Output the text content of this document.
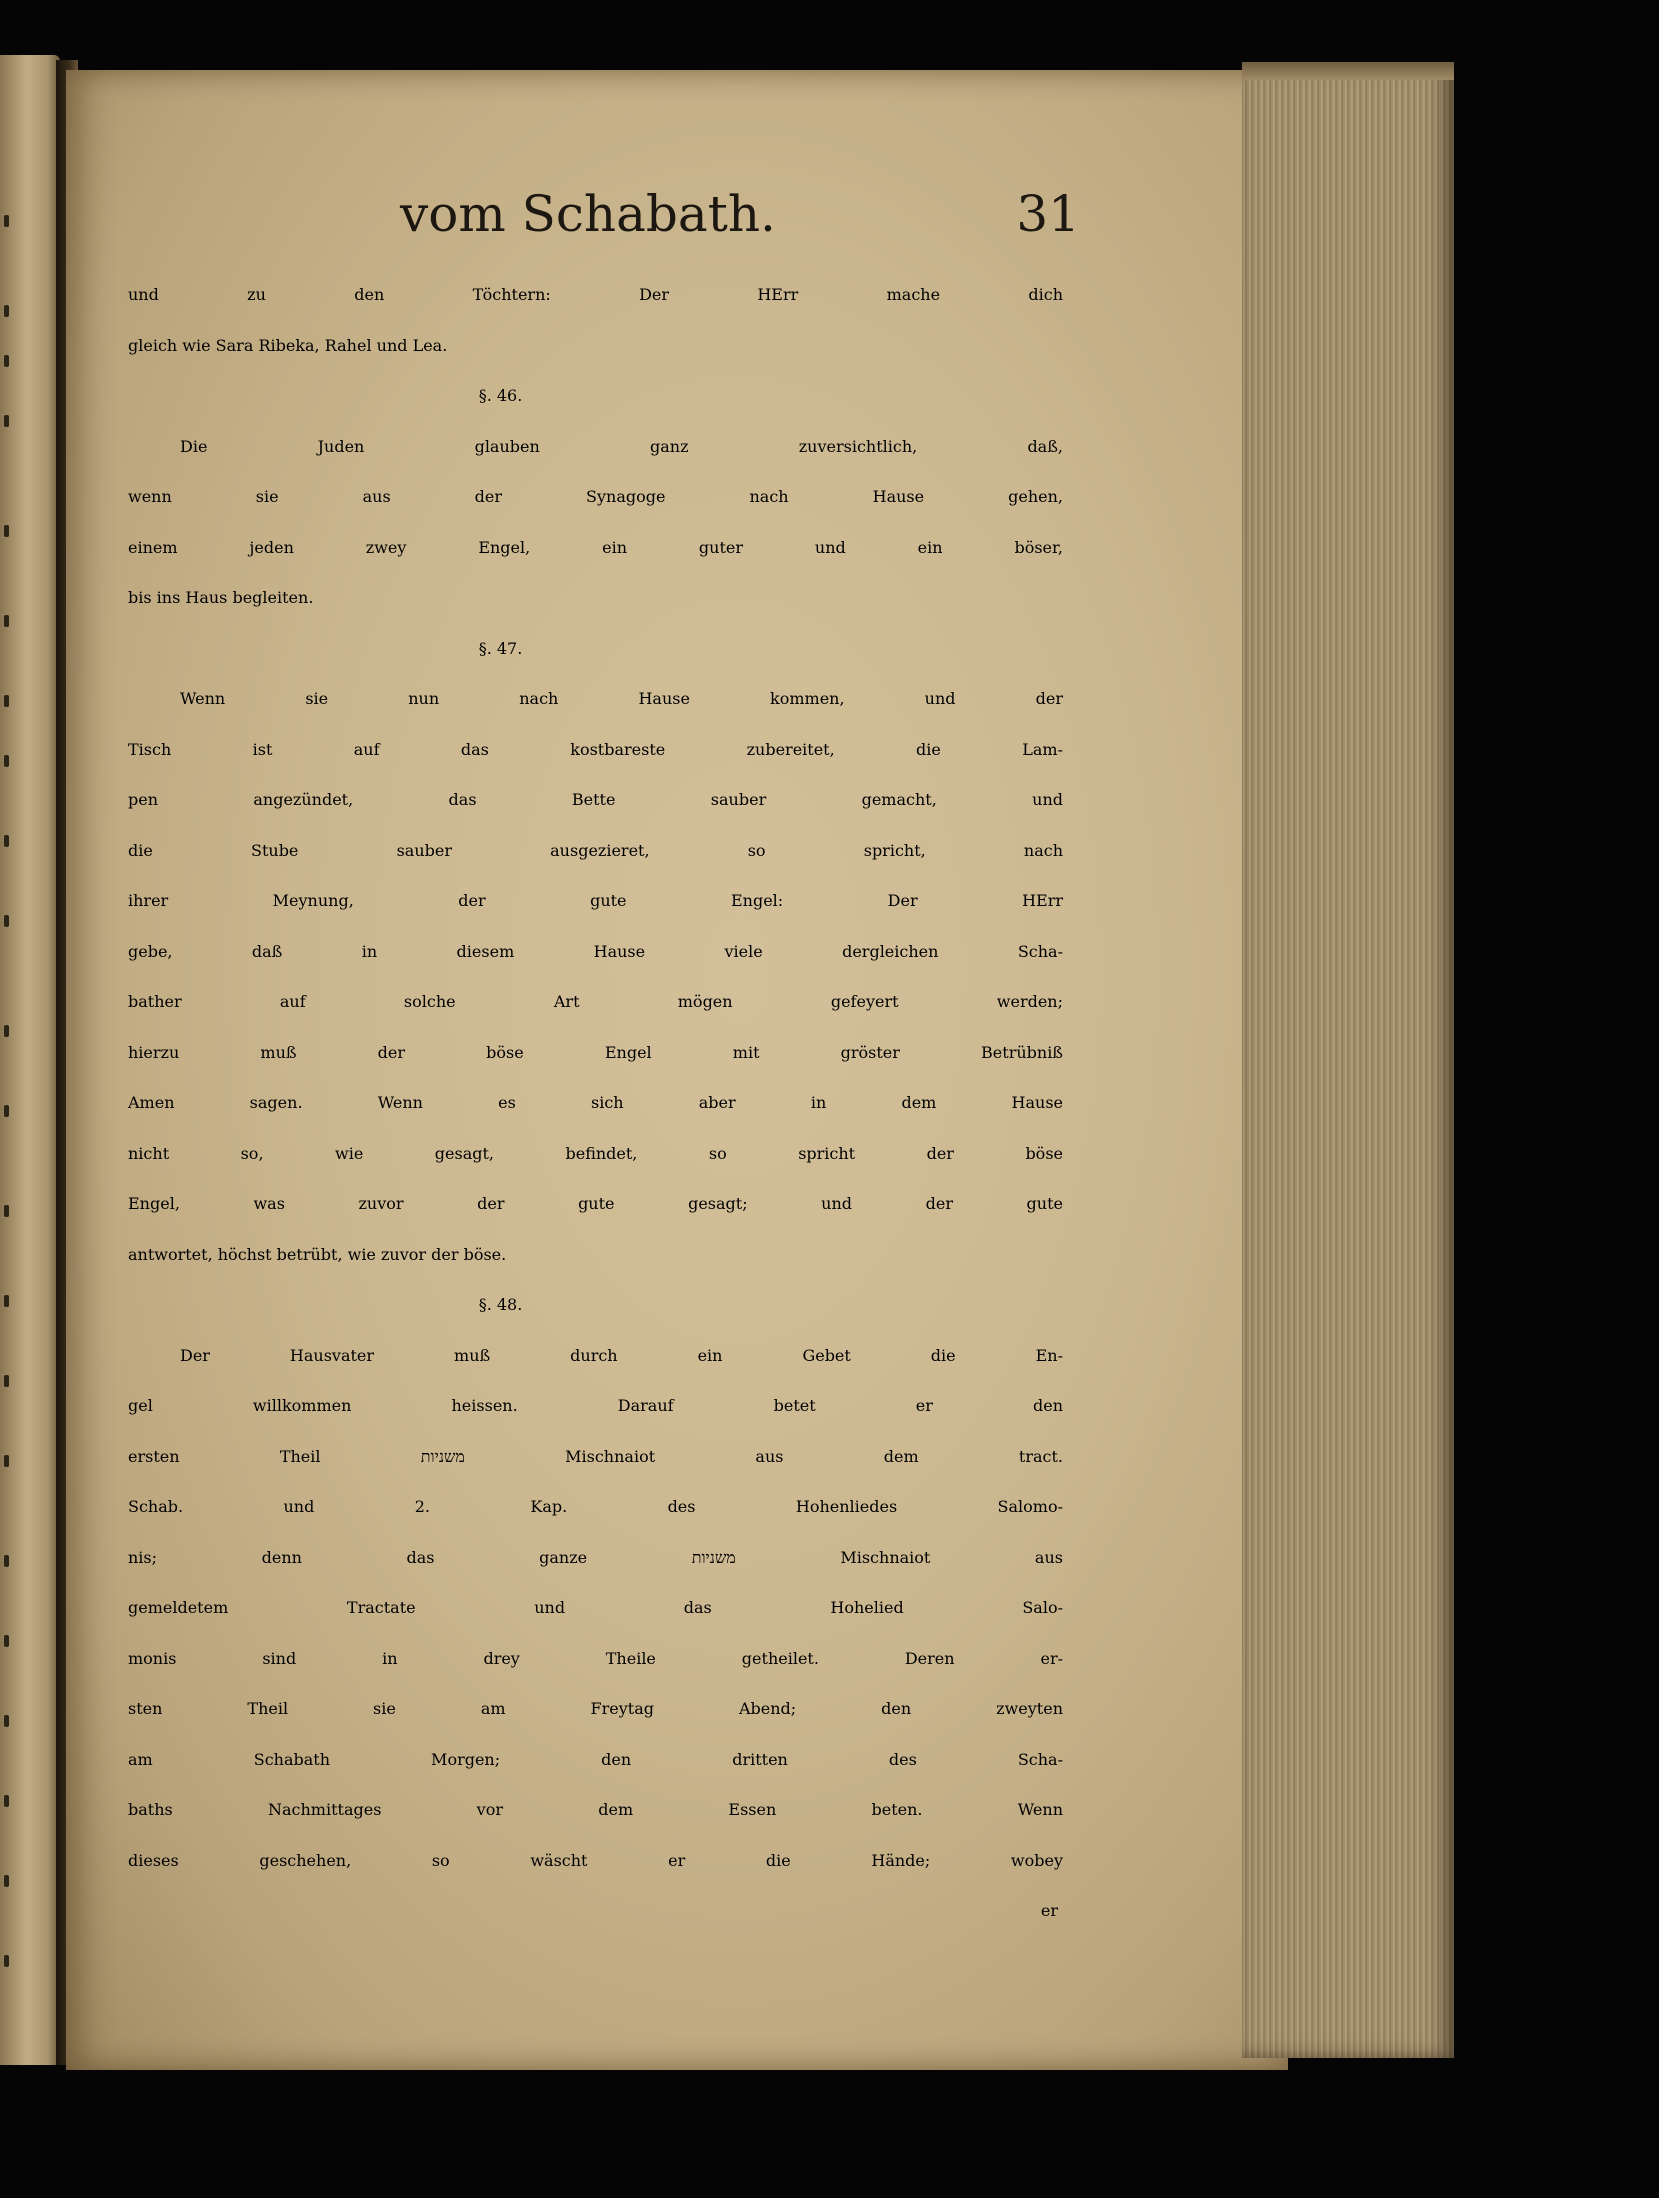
vom Schabath.	31
und zu den Töchtern: Der HErr mache dich
gleich wie Sara Ribeka, Rahel und Lea.
§. 46.
Die Juden glauben ganz zuversichtlich, daß,
wenn sie aus der Synagoge nach Hause gehen,
einem jeden zwey Engel, ein guter und ein böser,
bis ins Haus begleiten.
§. 47.
Wenn sie nun nach Hause kommen, und der
Tisch ist auf das kostbareste zubereitet, die Lam-
pen angezündet, das Bette sauber gemacht, und
die Stube sauber ausgezieret, so spricht, nach
ihrer Meynung, der gute Engel: Der HErr
gebe, daß in diesem Hause viele dergleichen Scha-
bather auf solche Art mögen gefeyert werden;
hierzu muß der böse Engel mit gröster Betrübniß
Amen sagen. Wenn es sich aber in dem Hause
nicht so, wie gesagt, befindet, so spricht der böse
Engel, was zuvor der gute gesagt; und der gute
antwortet, höchst betrübt, wie zuvor der böse.
§. 48.
Der Hausvater muß durch ein Gebet die En-
gel willkommen heissen. Darauf betet er den
ersten Theil משניות Mischnaiot aus dem tract.
Schab. und 2. Kap. des Hohenliedes Salomo-
nis; denn das ganze משניות Mischnaiot aus
gemeldetem Tractate und das Hohelied Salo-
monis sind in drey Theile getheilet. Deren er-
sten Theil sie am Freytag Abend; den zweyten
am Schabath Morgen; den dritten des Scha-
baths Nachmittages vor dem Essen beten. Wenn
dieses geschehen, so wäscht er die Hände; wobey
er
